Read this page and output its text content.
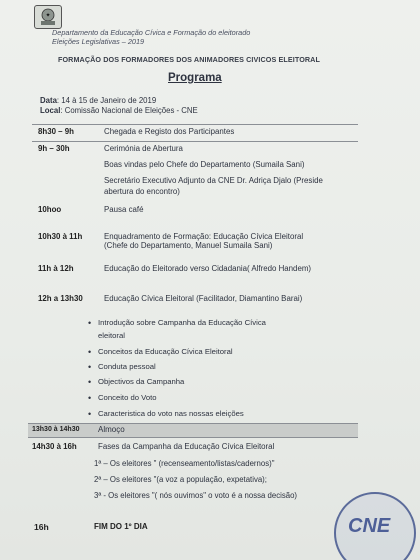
✦
Departamento da Educação Cívica e Formação do eleitorado
Eleições Legislativas – 2019
FORMAÇÃO DOS FORMADORES DOS ANIMADORES CIVICOS ELEITORAL
Programa
Data: 14 à 15 de Janeiro de 2019
Local: Comissão Nacional de Eleições - CNE
8h30 – 9h	Chegada e Registo dos Participantes
9h – 30h	Cerimónia de Abertura
Boas vindas pelo Chefe do Departamento (Sumaila Sani)
Secretário Executivo Adjunto da CNE Dr. Adriça Djalo (Preside
abertura do encontro)
10hoo	Pausa café
10h30 à 11h	Enquadramento de Formação: Educação Cívica Eleitoral
(Chefe do Departamento, Manuel Sumaila Sani)
11h à 12h	Educação do Eleitorado verso Cidadania( Alfredo Handem)
12h a 13h30	Educação Cívica Eleitoral (Facilitador, Diamantino Barai)
• Introdução sobre Campanha da Educação Cívica
eleitoral
• Conceitos da Educação Cívica Eleitoral
• Conduta pessoal
• Objectivos da Campanha
• Conceito do Voto
• Caracteristica do voto nas nossas eleições
13h30 à 14h30 Almoço
14h30 à 16h	Fases da Campanha da Educação Cívica Eleitoral
1ª – Os eleitores " (recenseamento/listas/cadernos)"
2ª – Os eleitores "(a voz a população, expetativa);
3ª - Os eleitores "( nós ouvimos" o voto é a nossa decisão)
16h	FIM DO 1º DIA	CNE
